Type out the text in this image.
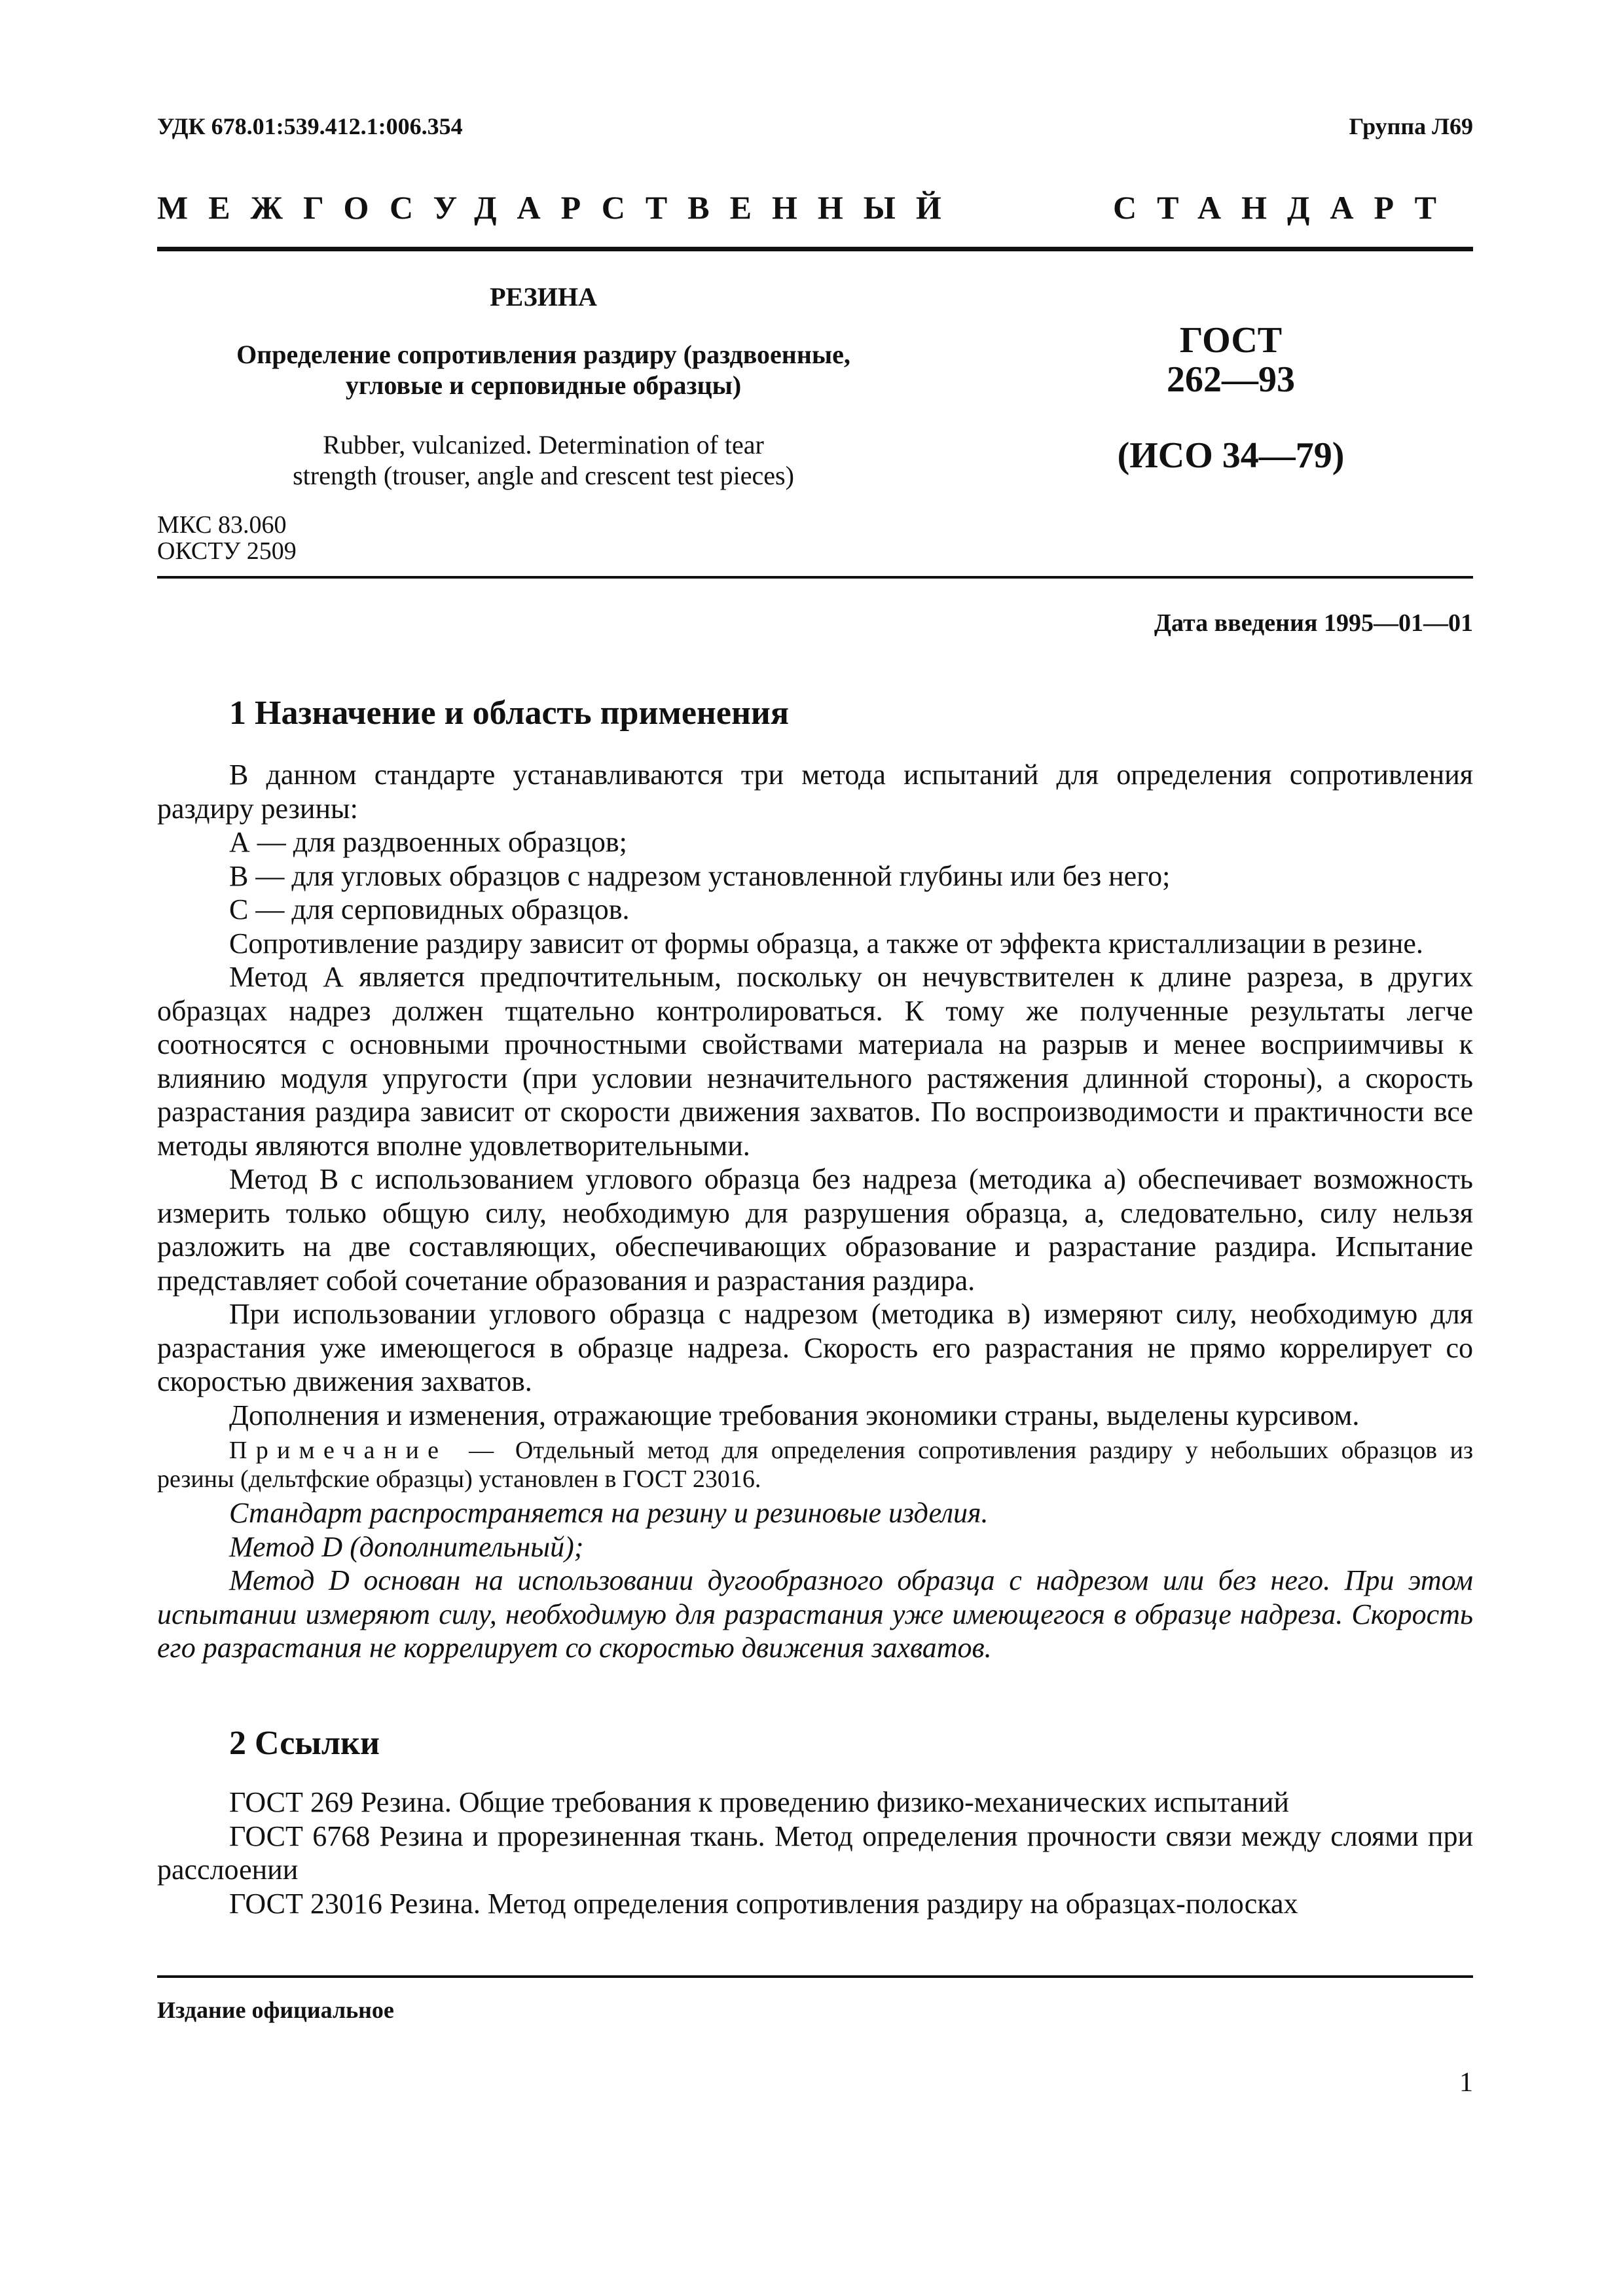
УДК 678.01:539.412.1:006.354	Группа Л69
МЕЖГОСУДАРСТВЕННЫЙ	СТАНДАРТ
РЕЗИНА
Определение сопротивления раздиру (раздвоенные,
угловые и серповидные образцы)
Rubber, vulcanized. Determination of tear
strength (trouser, angle and crescent test pieces)
ГОСТ
262—93
(ИСО 34—79)
МКС 83.060
ОКСТУ 2509
Дата введения 1995—01—01
1 Назначение и область применения
В данном стандарте устанавливаются три метода испытаний для определения сопротивления раздиру резины:
А — для раздвоенных образцов;
В — для угловых образцов с надрезом установленной глубины или без него;
С — для серповидных образцов.
Сопротивление раздиру зависит от формы образца, а также от эффекта кристаллизации в резине.
Метод А является предпочтительным, поскольку он нечувствителен к длине разреза, в других образцах надрез должен тщательно контролироваться. К тому же полученные результаты легче соотносятся с основными прочностными свойствами материала на разрыв и менее восприимчивы к влиянию модуля упругости (при условии незначительного растяжения длинной стороны), а скорость разрастания раздира зависит от скорости движения захватов. По воспроизводимости и практичности все методы являются вполне удовлетворительными.
Метод В с использованием углового образца без надреза (методика а) обеспечивает возможность измерить только общую силу, необходимую для разрушения образца, а, следовательно, силу нельзя разложить на две составляющих, обеспечивающих образование и разрастание раздира. Испытание представляет собой сочетание образования и разрастания раздира.
При использовании углового образца с надрезом (методика в) измеряют силу, необходимую для разрастания уже имеющегося в образце надреза. Скорость его разрастания не прямо коррелирует со скоростью движения захватов.
Дополнения и изменения, отражающие требования экономики страны, выделены курсивом.
Примечание — Отдельный метод для определения сопротивления раздиру у небольших образцов из резины (дельтфские образцы) установлен в ГОСТ 23016.
Стандарт распространяется на резину и резиновые изделия.
Метод D (дополнительный);
Метод D основан на использовании дугообразного образца с надрезом или без него. При этом испытании измеряют силу, необходимую для разрастания уже имеющегося в образце надреза. Скорость его разрастания не коррелирует со скоростью движения захватов.
2 Ссылки
ГОСТ 269 Резина. Общие требования к проведению физико-механических испытаний
ГОСТ 6768 Резина и прорезиненная ткань. Метод определения прочности связи между слоями при расслоении
ГОСТ 23016 Резина. Метод определения сопротивления раздиру на образцах-полосках
Издание официальное
1
